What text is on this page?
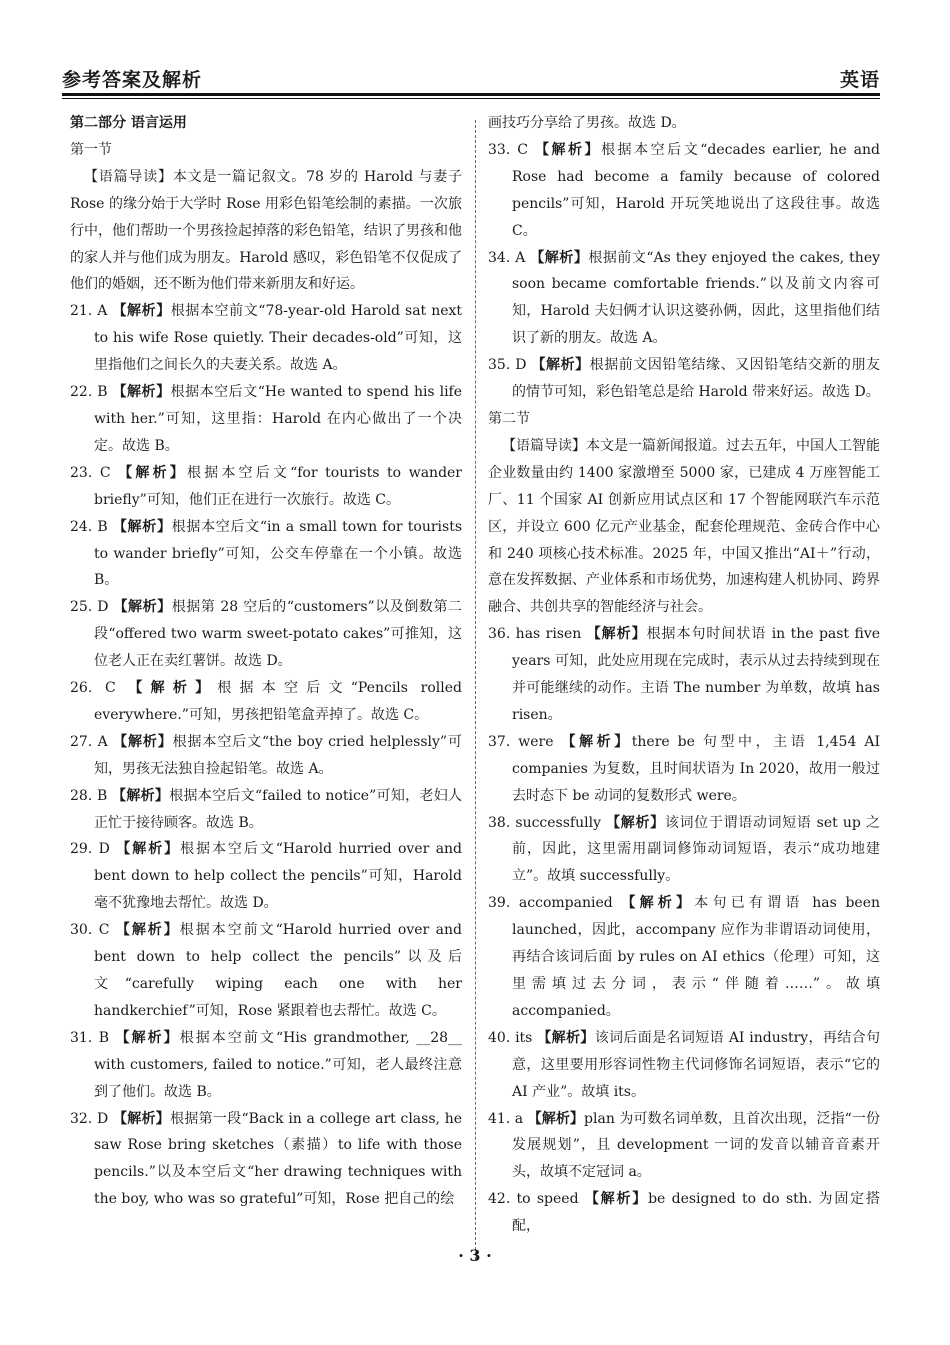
参考答案及解析	英语

第二部分 语言运用

第一节

【语篇导读】本文是一篇记叙文。78 岁的 Harold 与妻子 Rose 的缘分始于大学时 Rose 用彩色铅笔绘制的素描。一次旅行中，他们帮助一个男孩捡起掉落的彩色铅笔，结识了男孩和他的家人并与他们成为朋友。Harold 感叹，彩色铅笔不仅促成了他们的婚姻，还不断为他们带来新朋友和好运。

21. A 【解析】根据本空前文“78-year-old Harold sat next to his wife Rose quietly. Their decades-old”可知，这里指他们之间长久的夫妻关系。故选 A。

22. B 【解析】根据本空后文“He wanted to spend his life with her.”可知，这里指：Harold 在内心做出了一个决定。故选 B。

23. C 【解析】根据本空后文“for tourists to wander briefly”可知，他们正在进行一次旅行。故选 C。

24. B 【解析】根据本空后文“in a small town for tourists to wander briefly”可知，公交车停靠在一个小镇。故选 B。

25. D 【解析】根据第 28 空后的“customers”以及倒数第二段“offered two warm sweet-potato cakes”可推知，这位老人正在卖红薯饼。故选 D。

26. C 【解析】根据本空后文“Pencils rolled everywhere.”可知，男孩把铅笔盒弄掉了。故选 C。

27. A 【解析】根据本空后文“the boy cried helplessly”可知，男孩无法独自捡起铅笔。故选 A。

28. B 【解析】根据本空后文“failed to notice”可知，老妇人正忙于接待顾客。故选 B。

29. D 【解析】根据本空后文“Harold hurried over and bent down to help collect the pencils”可知，Harold 毫不犹豫地去帮忙。故选 D。

30. C 【解析】根据本空前文“Harold hurried over and bent down to help collect the pencils”以及后文“carefully wiping each one with her handkerchief”可知，Rose 紧跟着也去帮忙。故选 C。

31. B 【解析】根据本空前文“His grandmother, __28__ with customers, failed to notice.”可知，老人最终注意到了他们。故选 B。

32. D 【解析】根据第一段“Back in a college art class, he saw Rose bring sketches（素描）to life with those pencils.”以及本空后文“her drawing techniques with the boy, who was so grateful”可知，Rose 把自己的绘

画技巧分享给了男孩。故选 D。

33. C 【解析】根据本空后文“decades earlier, he and Rose had become a family because of colored pencils”可知，Harold 开玩笑地说出了这段往事。故选 C。

34. A 【解析】根据前文“As they enjoyed the cakes, they soon became comfortable friends.”以及前文内容可知，Harold 夫妇俩才认识这婆孙俩，因此，这里指他们结识了新的朋友。故选 A。

35. D 【解析】根据前文因铅笔结缘、又因铅笔结交新的朋友的情节可知，彩色铅笔总是给 Harold 带来好运。故选 D。

第二节

【语篇导读】本文是一篇新闻报道。过去五年，中国人工智能企业数量由约 1400 家激增至 5000 家，已建成 4 万座智能工厂、11 个国家 AI 创新应用试点区和 17 个智能网联汽车示范区，并设立 600 亿元产业基金，配套伦理规范、金砖合作中心和 240 项核心技术标准。2025 年，中国又推出“AI＋”行动，意在发挥数据、产业体系和市场优势，加速构建人机协同、跨界融合、共创共享的智能经济与社会。

36. has risen 【解析】根据本句时间状语 in the past five years 可知，此处应用现在完成时，表示从过去持续到现在并可能继续的动作。主语 The number 为单数，故填 has risen。

37. were 【解析】there be 句型中，主语 1,454 AI companies 为复数，且时间状语为 In 2020，故用一般过去时态下 be 动词的复数形式 were。

38. successfully 【解析】该词位于谓语动词短语 set up 之前，因此，这里需用副词修饰动词短语，表示“成功地建立”。故填 successfully。

39. accompanied 【解析】本句已有谓语 has been launched，因此，accompany 应作为非谓语动词使用，再结合该词后面 by rules on AI ethics（伦理）可知，这里需填过去分词，表示“伴随着……”。故填 accompanied。

40. its 【解析】该词后面是名词短语 AI industry，再结合句意，这里要用形容词性物主代词修饰名词短语，表示“它的 AI 产业”。故填 its。

41. a 【解析】plan 为可数名词单数，且首次出现，泛指“一份发展规划”，且 development 一词的发音以辅音音素开头，故填不定冠词 a。

42. to speed 【解析】be designed to do sth. 为固定搭配，

· 3 ·
